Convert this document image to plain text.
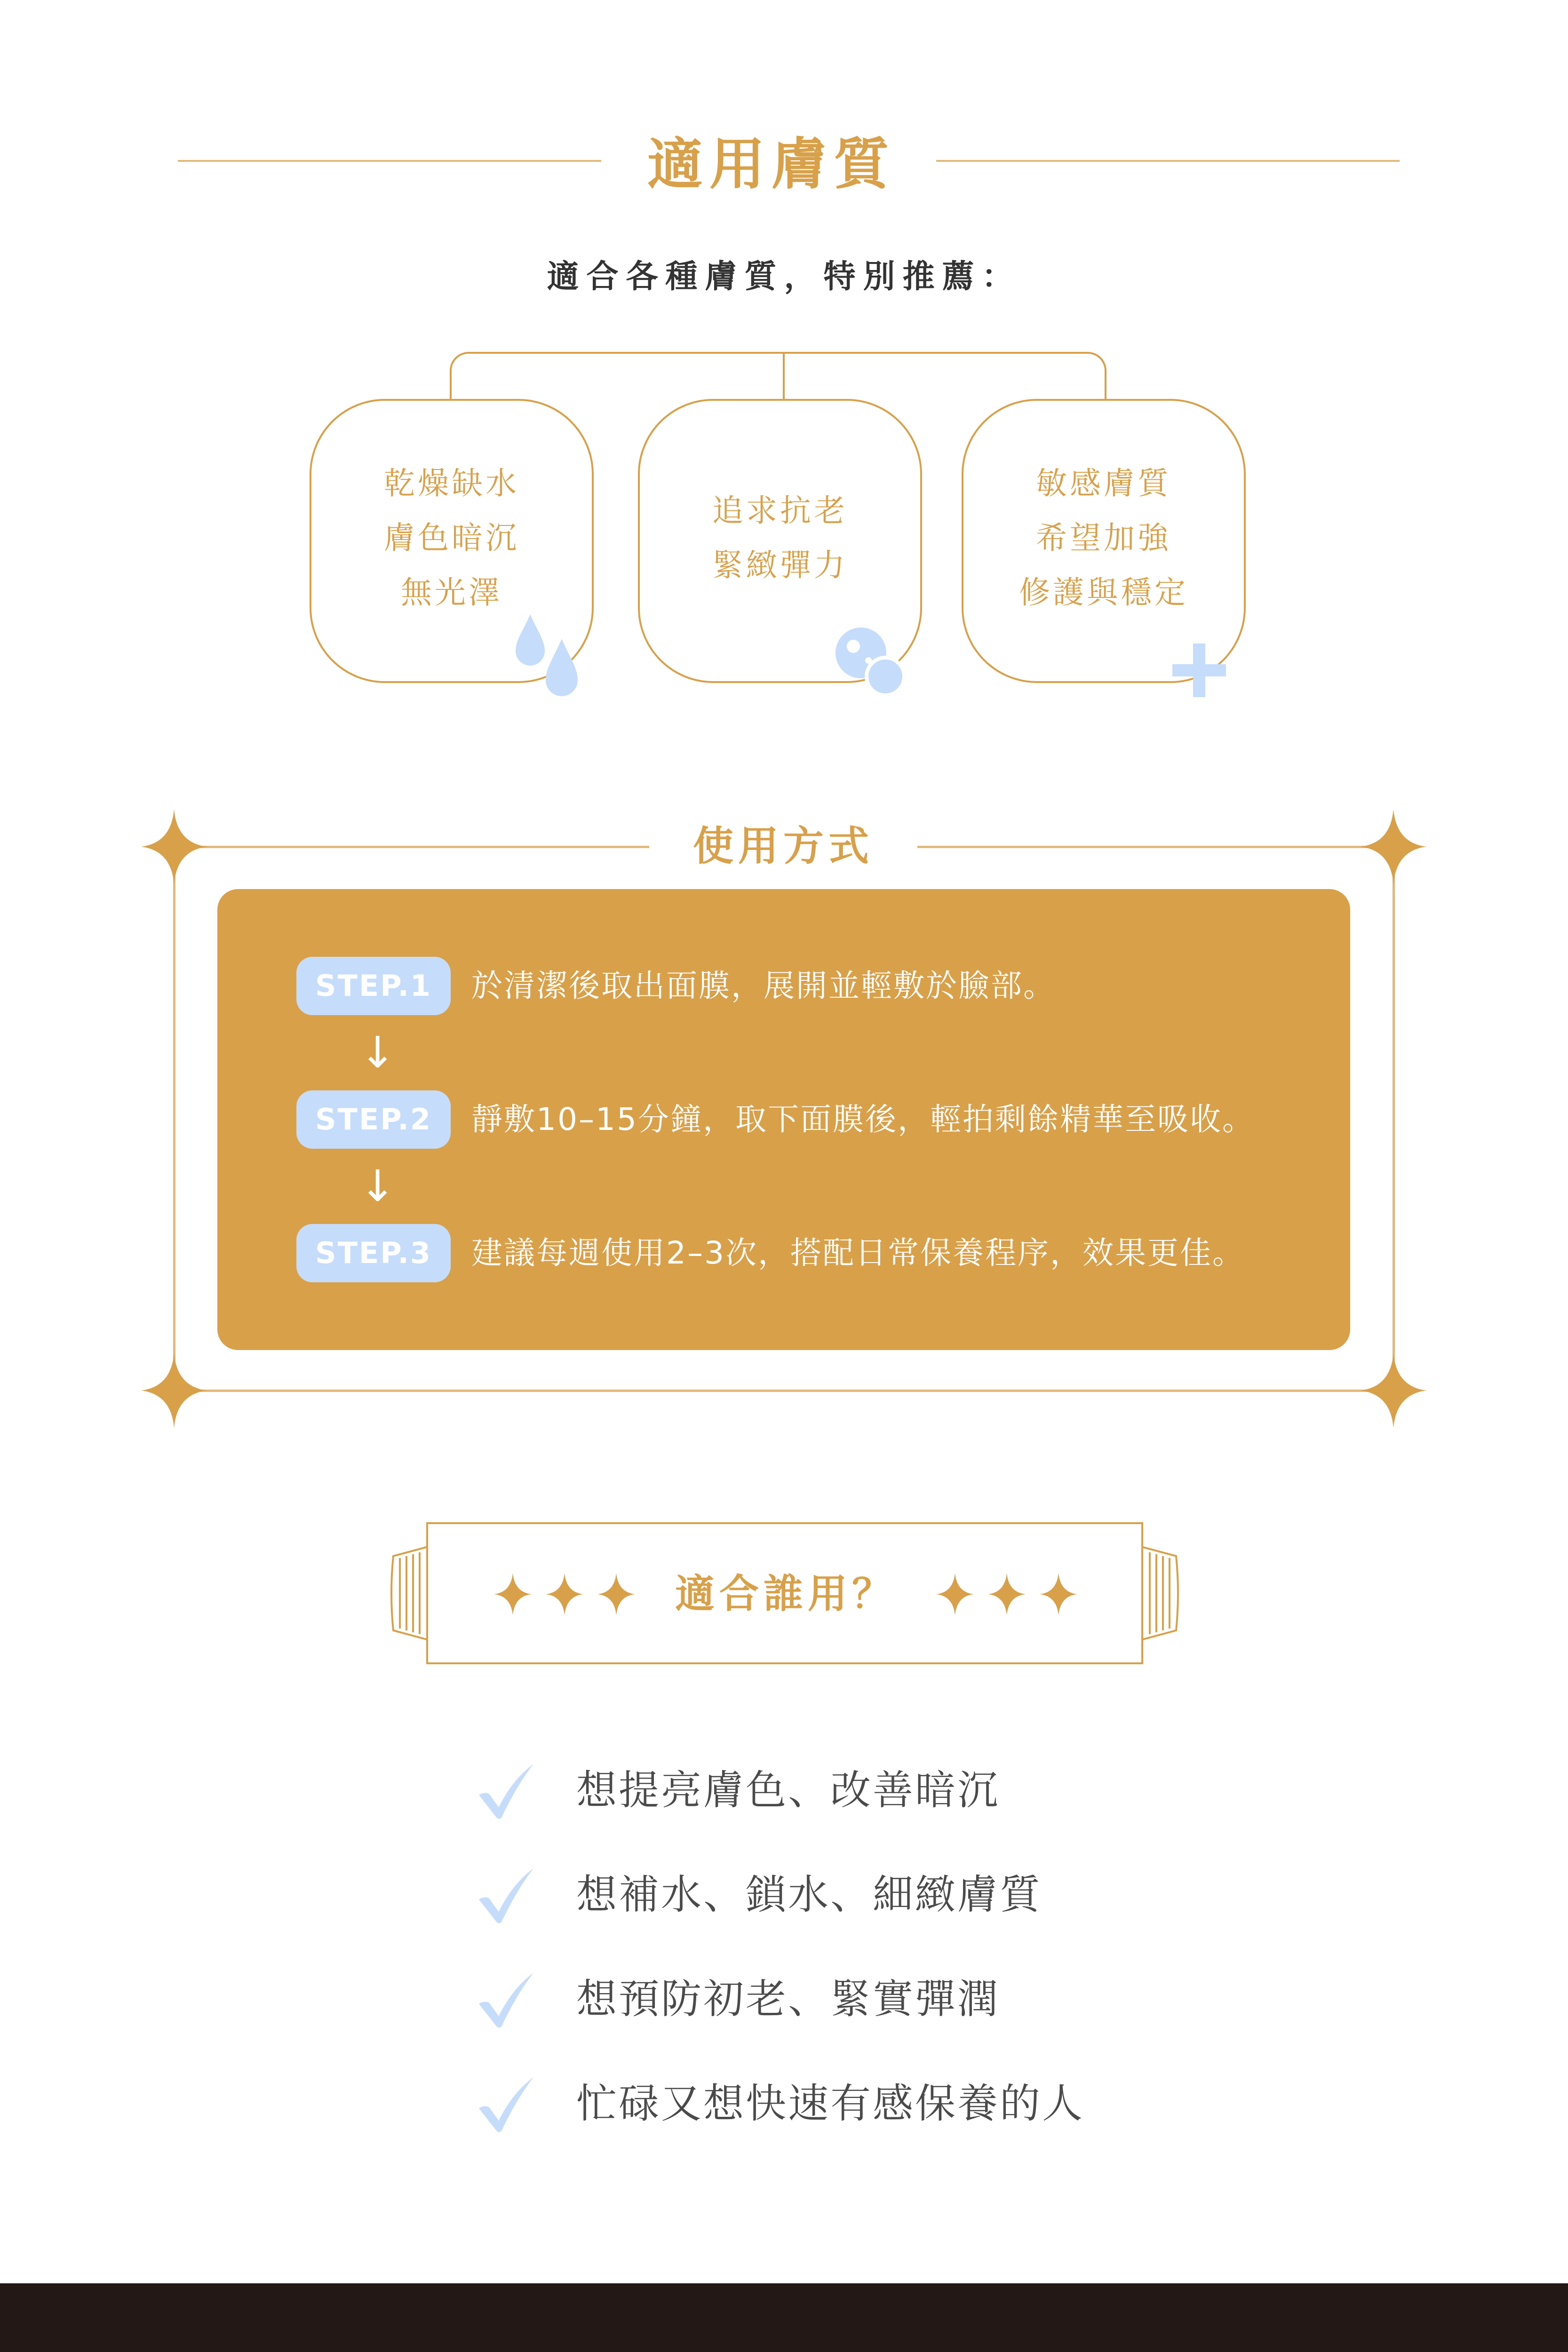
適用膚質
適合各種膚質，特別推薦：
乾燥缺水
膚色暗沉
無光澤
追求抗老
緊緻彈力
敏感膚質
希望加強
修護與穩定
使用方式
STEP.1	於清潔後取出面膜，展開並輕敷於臉部。
↓
STEP.2	靜敷10–15分鐘，取下面膜後，輕拍剩餘精華至吸收。
↓
STEP.3	建議每週使用2–3次，搭配日常保養程序，效果更佳。
適合誰用？
想提亮膚色、改善暗沉
想補水、鎖水、細緻膚質
想預防初老、緊實彈潤
忙碌又想快速有感保養的人
